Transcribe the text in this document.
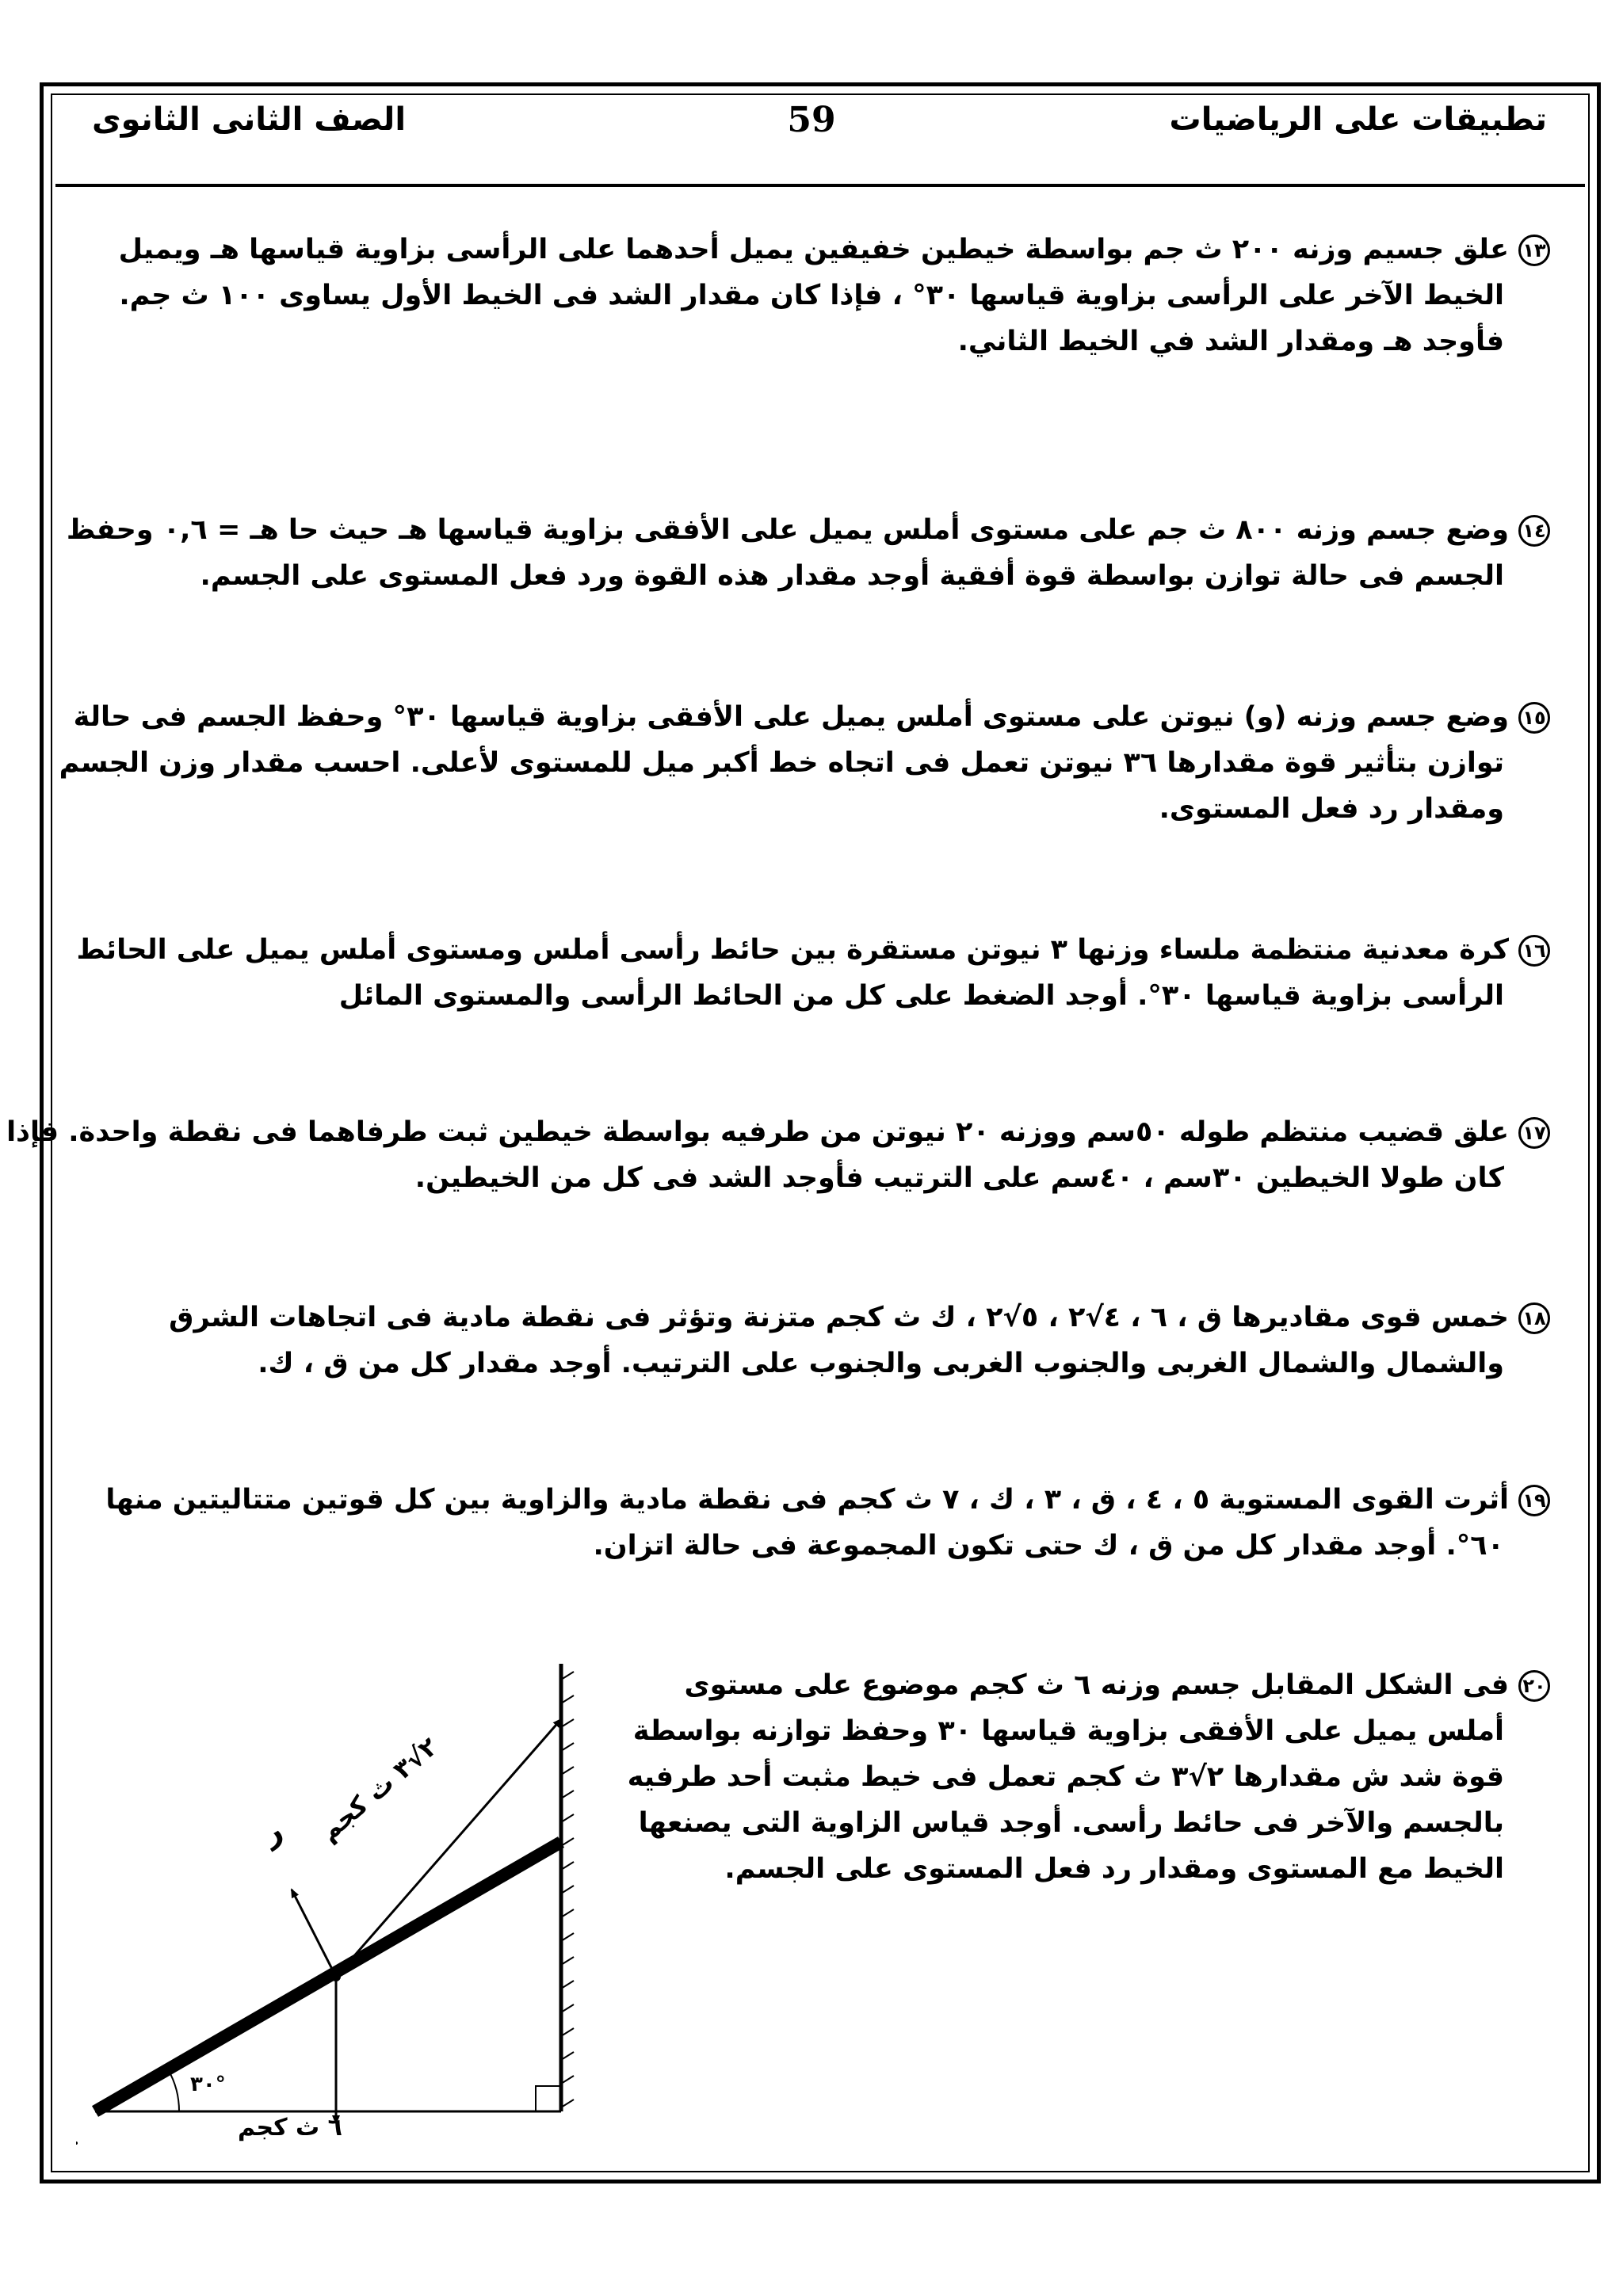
تطبيقات على الرياضيات
59
الصف الثانى الثانوى
١٣علق جسيم وزنه ٢٠٠ ث جم بواسطة خيطين خفيفين يميل أحدهما على الرأسى بزاوية قياسها هـ ويميل
الخيط الآخر على الرأسى بزاوية قياسها ٣٠° ، فإذا كان مقدار الشد فى الخيط الأول يساوى ١٠٠ ث جم.
فأوجد هـ ومقدار الشد في الخيط الثاني.
١٤وضع جسم وزنه ٨٠٠ ث جم على مستوى أملس يميل على الأفقى بزاوية قياسها هـ حيث حا هـ = ٠,٦ وحفظ
الجسم فى حالة توازن بواسطة قوة أفقية أوجد مقدار هذه القوة ورد فعل المستوى على الجسم.
١٥وضع جسم وزنه (و) نيوتن على مستوى أملس يميل على الأفقى بزاوية قياسها ٣٠° وحفظ الجسم فى حالة
توازن بتأثير قوة مقدارها ٣٦ نيوتن تعمل فى اتجاه خط أكبر ميل للمستوى لأعلى. احسب مقدار وزن الجسم
ومقدار رد فعل المستوى.
١٦كرة معدنية منتظمة ملساء وزنها ٣ نيوتن مستقرة بين حائط رأسى أملس ومستوى أملس يميل على الحائط
الرأسى بزاوية قياسها ٣٠°. أوجد الضغط على كل من الحائط الرأسى والمستوى المائل
١٧علق قضيب منتظم طوله ٥٠سم ووزنه ٢٠ نيوتن من طرفيه بواسطة خيطين ثبت طرفاهما فى نقطة واحدة. فإذا
كان طولا الخيطين ٣٠سم ، ٤٠سم على الترتيب فأوجد الشد فى كل من الخيطين.
١٨خمس قوى مقاديرها ق ، ٦ ، ٤√٢ ، ٥√٢ ، ك ث كجم متزنة وتؤثر فى نقطة مادية فى اتجاهات الشرق
والشمال والشمال الغربى والجنوب الغربى والجنوب على الترتيب. أوجد مقدار كل من ق ، ك.
١٩أثرت القوى المستوية ٥ ، ٤ ، ق ، ٣ ، ك ، ٧ ث كجم فى نقطة مادية والزاوية بين كل قوتين متتاليتين منها
٦٠°. أوجد مقدار كل من ق ، ك حتى تكون المجموعة فى حالة اتزان.
٢٠فى الشكل المقابل جسم وزنه ٦ ث كجم موضوع على مستوى
أملس يميل على الأفقى بزاوية قياسها ٣٠ وحفظ توازنه بواسطة
قوة شد ش مقدارها ٢√٣ ث كجم تعمل فى خيط مثبت أحد طرفيه
بالجسم والآخر فى حائط رأسى. أوجد قياس الزاوية التى يصنعها
الخيط مع المستوى ومقدار رد فعل المستوى على الجسم.
٦ ث كجم
٢√٣ ث كجم
٣٠°
ر
